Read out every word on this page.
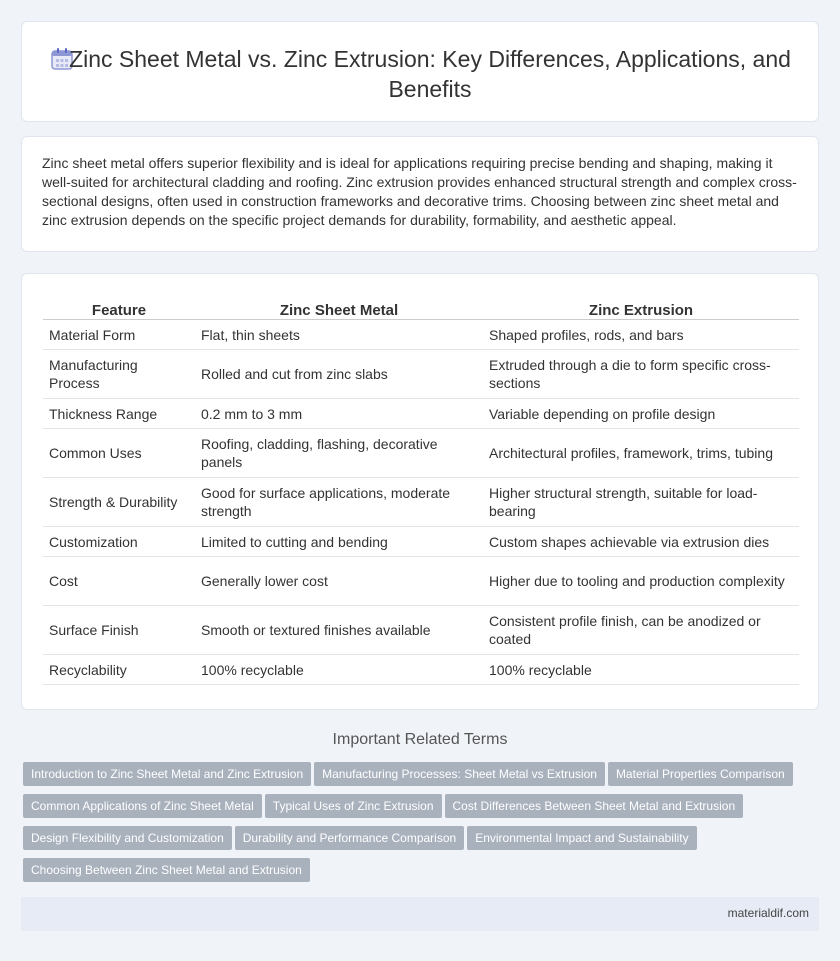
Zinc Sheet Metal vs. Zinc Extrusion: Key Differences, Applications, and Benefits

Zinc sheet metal offers superior flexibility and is ideal for applications requiring precise bending and shaping, making it well-suited for architectural cladding and roofing. Zinc extrusion provides enhanced structural strength and complex cross-sectional designs, often used in construction frameworks and decorative trims. Choosing between zinc sheet metal and zinc extrusion depends on the specific project demands for durability, formability, and aesthetic appeal.

Feature	Zinc Sheet Metal	Zinc Extrusion
Material Form	Flat, thin sheets	Shaped profiles, rods, and bars
Manufacturing Process	Rolled and cut from zinc slabs	Extruded through a die to form specific cross-sections
Thickness Range	0.2 mm to 3 mm	Variable depending on profile design
Common Uses	Roofing, cladding, flashing, decorative panels	Architectural profiles, framework, trims, tubing
Strength & Durability	Good for surface applications, moderate strength	Higher structural strength, suitable for load-bearing
Customization	Limited to cutting and bending	Custom shapes achievable via extrusion dies
Cost	Generally lower cost	Higher due to tooling and production complexity
Surface Finish	Smooth or textured finishes available	Consistent profile finish, can be anodized or coated
Recyclability	100% recyclable	100% recyclable
Important Related Terms
Introduction to Zinc Sheet Metal and Zinc Extrusion Manufacturing Processes: Sheet Metal vs Extrusion Material Properties Comparison
Common Applications of Zinc Sheet Metal Typical Uses of Zinc Extrusion Cost Differences Between Sheet Metal and Extrusion
Design Flexibility and Customization Durability and Performance Comparison Environmental Impact and Sustainability
Choosing Between Zinc Sheet Metal and Extrusion
materialdif.com
